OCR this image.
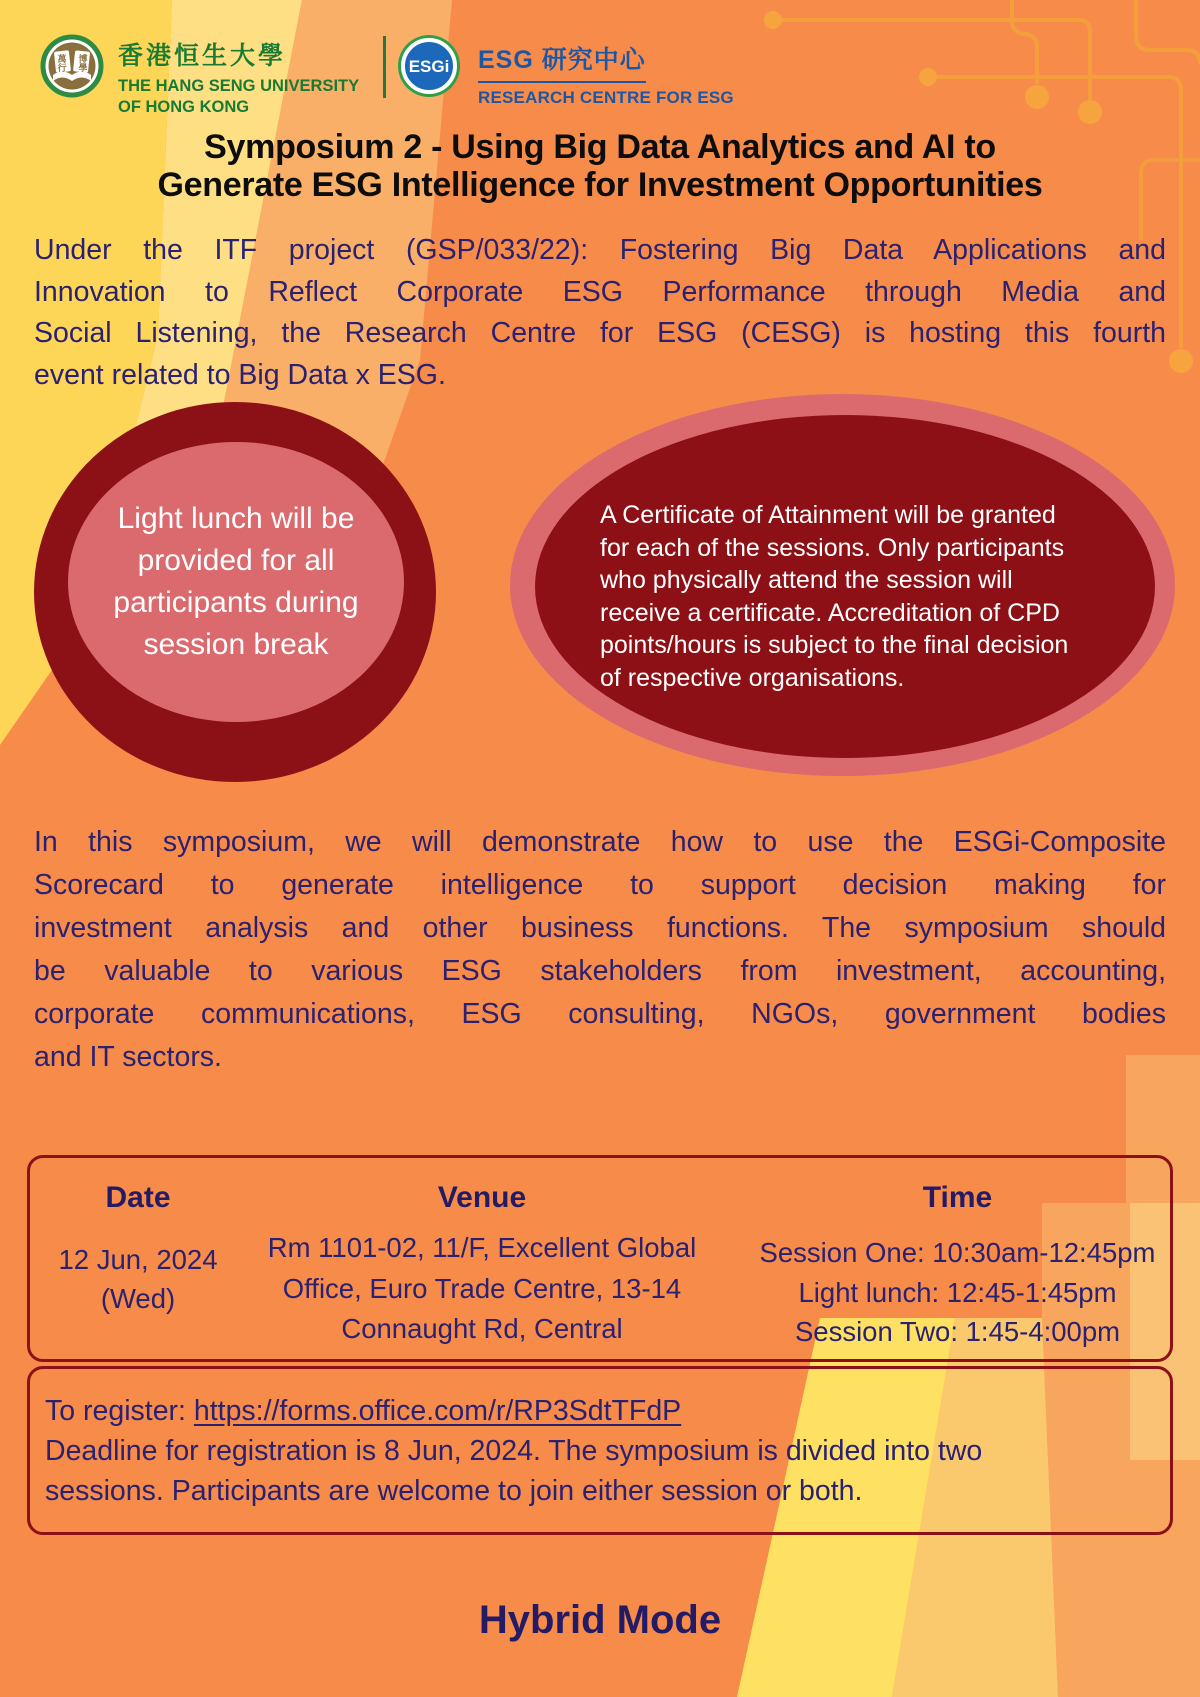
萬 博
行 學 香港恒生大學
THE HANG SENG UNIVERSITY
OF HONG KONG
ESGi ESG 研究中心
RESEARCH CENTRE FOR ESG
Symposium 2 - Using Big Data Analytics and AI to
Generate ESG Intelligence for Investment Opportunities
Under the ITF project (GSP/033/22): Fostering Big Data Applications and
Innovation to Reflect Corporate ESG Performance through Media and
Social Listening, the Research Centre for ESG (CESG) is hosting this fourth
event related to Big Data x ESG.
Light lunch will be
provided for all
participants during
session break
A Certificate of Attainment will be granted
for each of the sessions. Only participants
who physically attend the session will
receive a certificate. Accreditation of CPD
points/hours is subject to the final decision
of respective organisations.
In this symposium, we will demonstrate how to use the ESGi-Composite
Scorecard to generate intelligence to support decision making for
investment analysis and other business functions. The symposium should
be valuable to various ESG stakeholders from investment, accounting,
corporate communications, ESG consulting, NGOs, government bodies
and IT sectors.
Date	Venue	Time
12 Jun, 2024
(Wed)
Rm 1101-02, 11/F, Excellent Global
Office, Euro Trade Centre, 13-14
Connaught Rd, Central
Session One: 10:30am-12:45pm
Light lunch: 12:45-1:45pm
Session Two: 1:45-4:00pm
To register: https://forms.office.com/r/RP3SdtTFdP
Deadline for registration is 8 Jun, 2024. The symposium is divided into two
sessions. Participants are welcome to join either session or both.
Hybrid Mode
